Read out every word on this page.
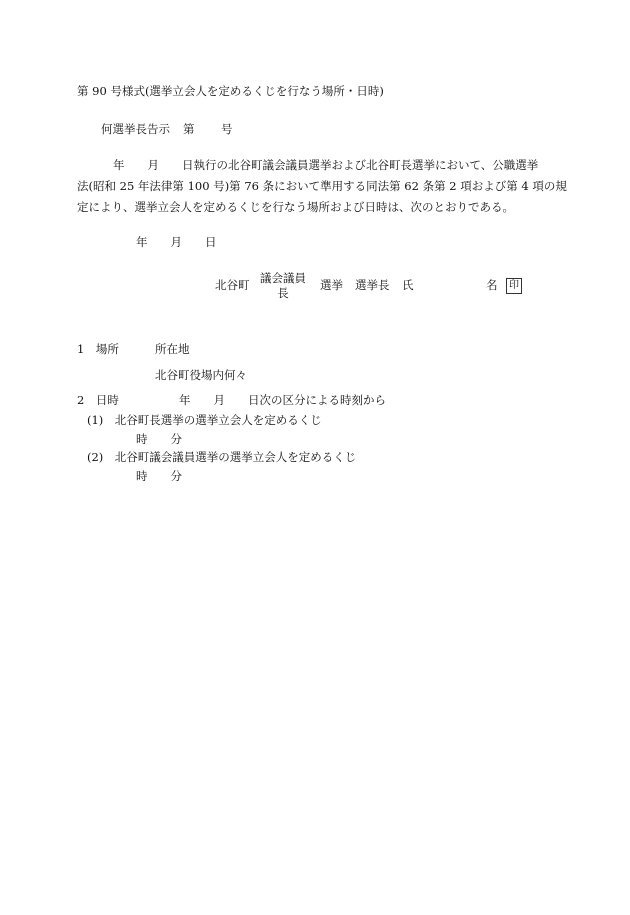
第 90 号様式(選挙立会人を定めるくじを行なう場所・日時)
何選挙長告示 第 号
年　　月　　日執行の北谷町議会議員選挙および北谷町長選挙において、公職選挙
法(昭和 25 年法律第 100 号)第 76 条において準用する同法第 62 条第 2 項および第 4 項の規
定により、選挙立会人を定めるくじを行なう場所および日時は、次のとおりである。
年　　月　　日
北谷町 議会議員
長
選挙 選挙長 氏	名	印
1　場所	所在地
北谷町役場内何々
2　日時	年　　月　　日次の区分による時刻から
(1)　北谷町長選挙の選挙立会人を定めるくじ
時　　分
(2)　北谷町議会議員選挙の選挙立会人を定めるくじ
時　　分
